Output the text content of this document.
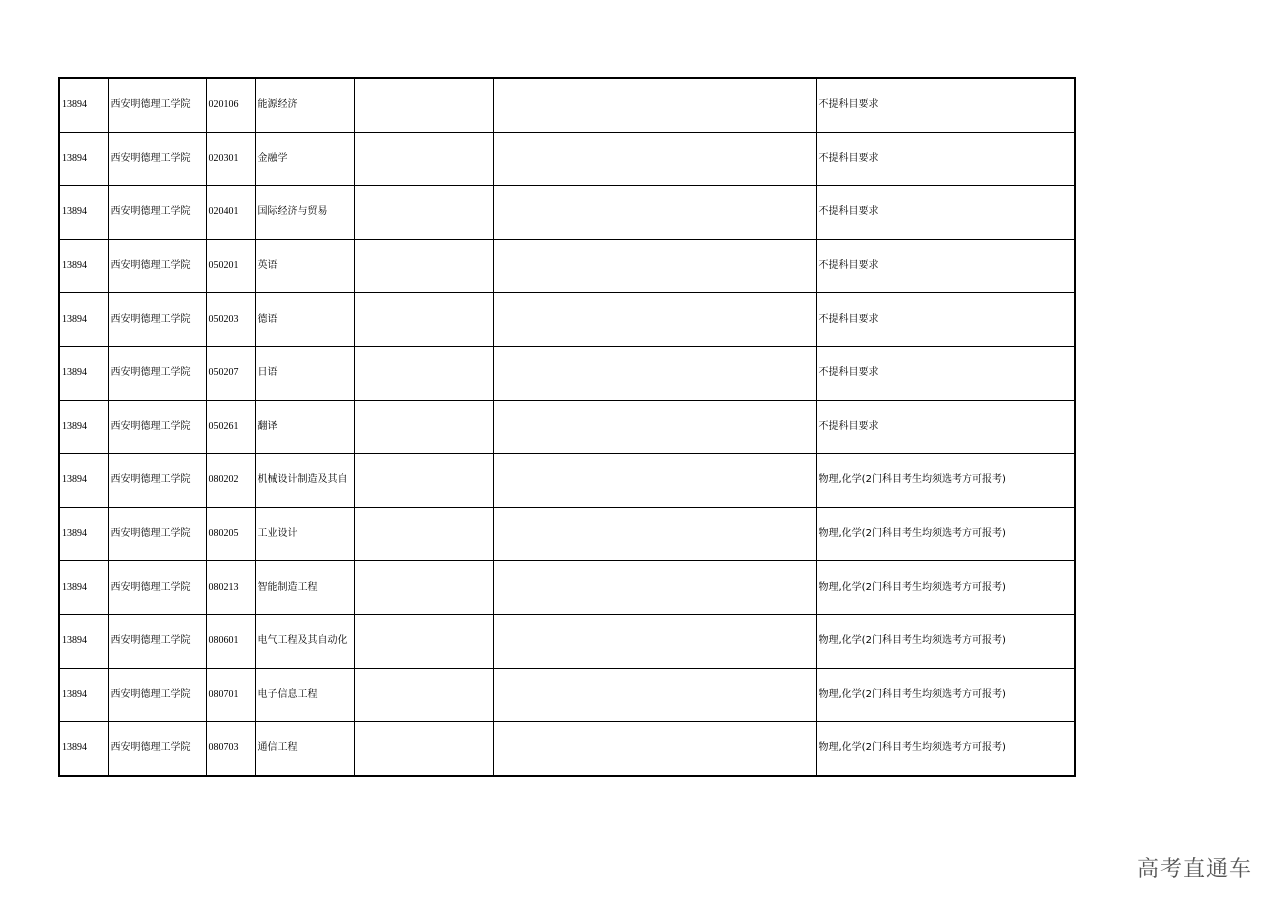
13894	西安明德理工学院	020106	能源经济			不提科目要求
13894	西安明德理工学院	020301	金融学			不提科目要求
13894	西安明德理工学院	020401	国际经济与贸易			不提科目要求
13894	西安明德理工学院	050201	英语			不提科目要求
13894	西安明德理工学院	050203	德语			不提科目要求
13894	西安明德理工学院	050207	日语			不提科目要求
13894	西安明德理工学院	050261	翻译			不提科目要求
13894	西安明德理工学院	080202	机械设计制造及其自			物理,化学(2门科目考生均须选考方可报考)
13894	西安明德理工学院	080205	工业设计			物理,化学(2门科目考生均须选考方可报考)
13894	西安明德理工学院	080213	智能制造工程			物理,化学(2门科目考生均须选考方可报考)
13894	西安明德理工学院	080601	电气工程及其自动化			物理,化学(2门科目考生均须选考方可报考)
13894	西安明德理工学院	080701	电子信息工程			物理,化学(2门科目考生均须选考方可报考)
13894	西安明德理工学院	080703	通信工程			物理,化学(2门科目考生均须选考方可报考)
高考直通车
